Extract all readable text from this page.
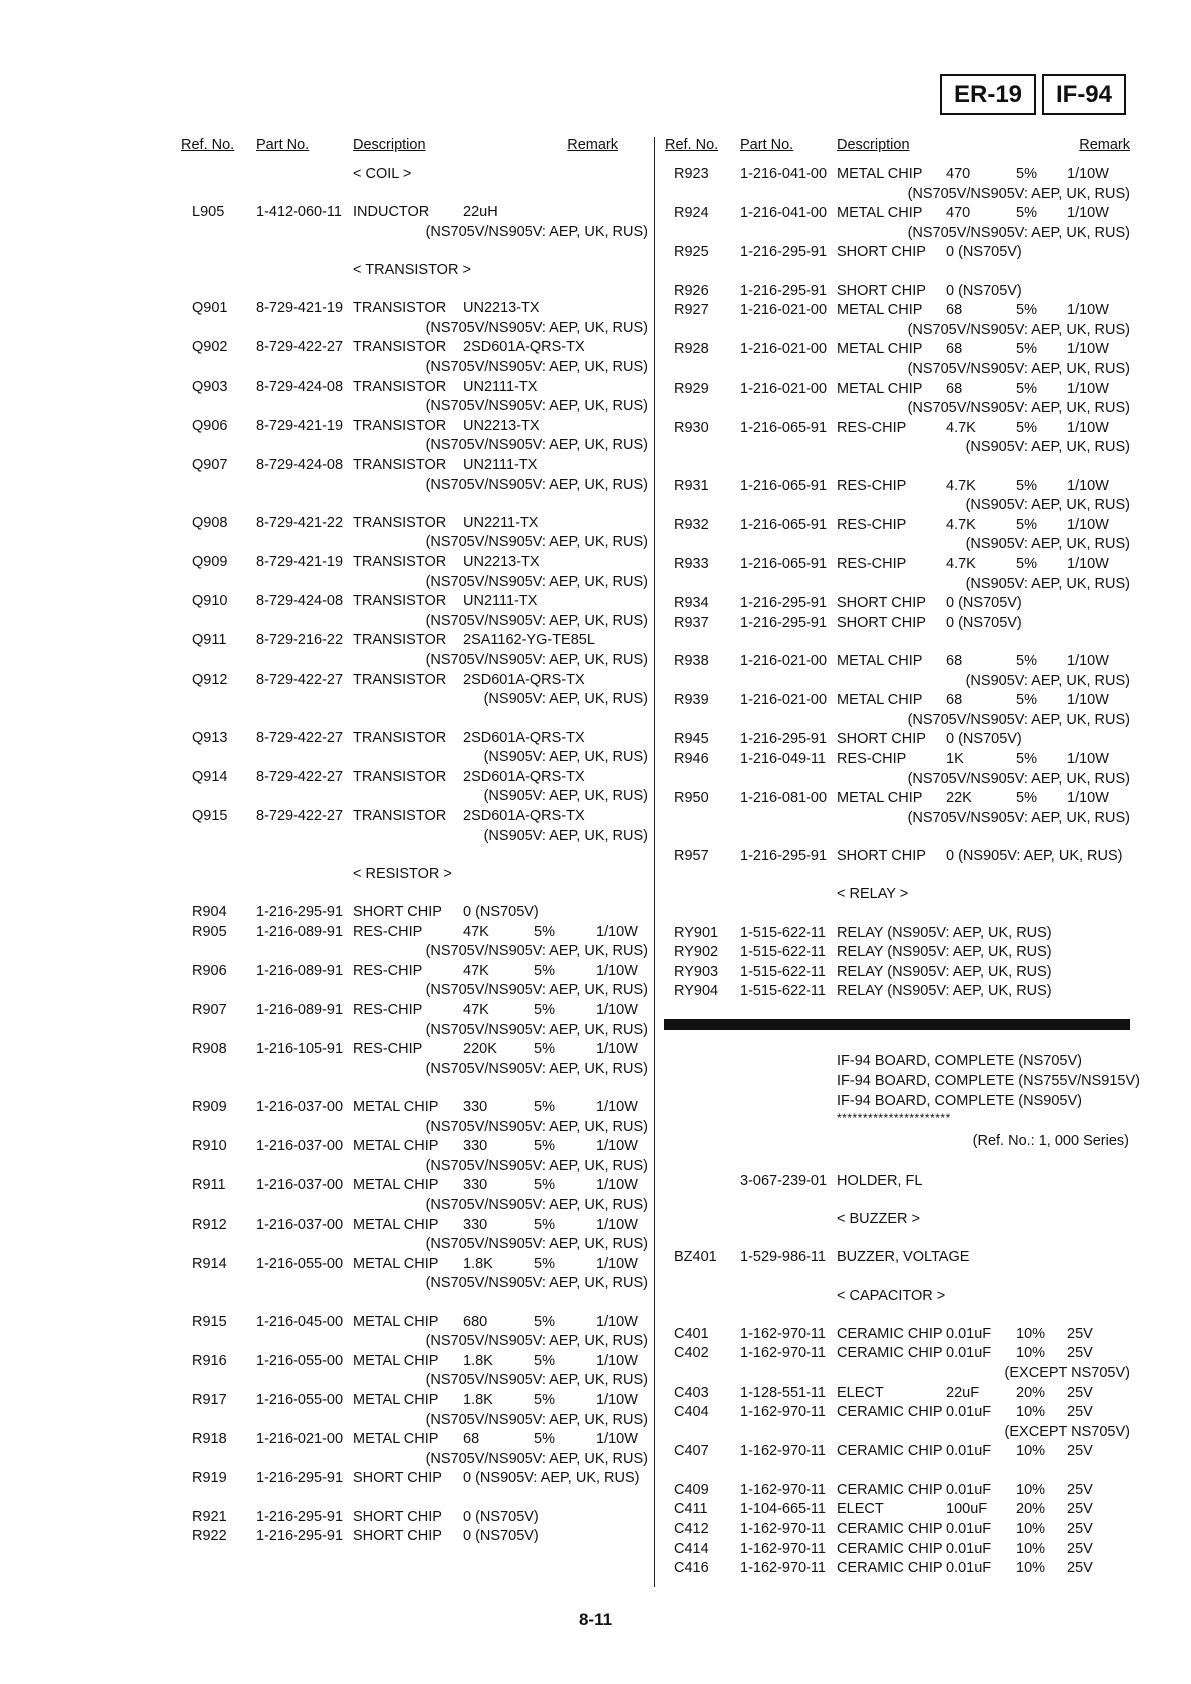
ER-19	IF-94
Ref. No. Part No.	Description	Remark
< COIL >
L905 1-412-060-11 INDUCTOR 22uH
(NS705V/NS905V: AEP, UK, RUS)
< TRANSISTOR >
Q901 8-729-421-19 TRANSISTOR UN2213-TX
(NS705V/NS905V: AEP, UK, RUS)
Q902 8-729-422-27 TRANSISTOR 2SD601A-QRS-TX
(NS705V/NS905V: AEP, UK, RUS)
Q903 8-729-424-08 TRANSISTOR UN2111-TX
(NS705V/NS905V: AEP, UK, RUS)
Q906 8-729-421-19 TRANSISTOR UN2213-TX
(NS705V/NS905V: AEP, UK, RUS)
Q907 8-729-424-08 TRANSISTOR UN2111-TX
(NS705V/NS905V: AEP, UK, RUS)
Q908 8-729-421-22 TRANSISTOR UN2211-TX
(NS705V/NS905V: AEP, UK, RUS)
Q909 8-729-421-19 TRANSISTOR UN2213-TX
(NS705V/NS905V: AEP, UK, RUS)
Q910 8-729-424-08 TRANSISTOR UN2111-TX
(NS705V/NS905V: AEP, UK, RUS)
Q911 8-729-216-22 TRANSISTOR 2SA1162-YG-TE85L
(NS705V/NS905V: AEP, UK, RUS)
Q912 8-729-422-27 TRANSISTOR 2SD601A-QRS-TX
(NS905V: AEP, UK, RUS)
Q913 8-729-422-27 TRANSISTOR 2SD601A-QRS-TX
(NS905V: AEP, UK, RUS)
Q914 8-729-422-27 TRANSISTOR 2SD601A-QRS-TX
(NS905V: AEP, UK, RUS)
Q915 8-729-422-27 TRANSISTOR 2SD601A-QRS-TX
(NS905V: AEP, UK, RUS)
< RESISTOR >
R904 1-216-295-91 SHORT CHIP 0 (NS705V)
R905 1-216-089-91 RES-CHIP	47K	5%	1/10W
(NS705V/NS905V: AEP, UK, RUS)
R906 1-216-089-91 RES-CHIP	47K	5%	1/10W
(NS705V/NS905V: AEP, UK, RUS)
R907 1-216-089-91 RES-CHIP	47K	5%	1/10W
(NS705V/NS905V: AEP, UK, RUS)
R908 1-216-105-91 RES-CHIP	220K	5%	1/10W
(NS705V/NS905V: AEP, UK, RUS)
R909 1-216-037-00 METAL CHIP 330	5%	1/10W
(NS705V/NS905V: AEP, UK, RUS)
R910 1-216-037-00 METAL CHIP 330	5%	1/10W
(NS705V/NS905V: AEP, UK, RUS)
R911 1-216-037-00 METAL CHIP 330	5%	1/10W
(NS705V/NS905V: AEP, UK, RUS)
R912 1-216-037-00 METAL CHIP 330	5%	1/10W
(NS705V/NS905V: AEP, UK, RUS)
R914 1-216-055-00 METAL CHIP 1.8K	5%	1/10W
(NS705V/NS905V: AEP, UK, RUS)
R915 1-216-045-00 METAL CHIP 680	5%	1/10W
(NS705V/NS905V: AEP, UK, RUS)
R916 1-216-055-00 METAL CHIP 1.8K	5%	1/10W
(NS705V/NS905V: AEP, UK, RUS)
R917 1-216-055-00 METAL CHIP 1.8K	5%	1/10W
(NS705V/NS905V: AEP, UK, RUS)
R918 1-216-021-00 METAL CHIP 68	5%	1/10W
(NS705V/NS905V: AEP, UK, RUS)
R919 1-216-295-91 SHORT CHIP 0 (NS905V: AEP, UK, RUS)
R921 1-216-295-91 SHORT CHIP 0 (NS705V)
R922 1-216-295-91 SHORT CHIP 0 (NS705V)
Ref. No. Part No.	Description	Remark
R923 1-216-041-00 METAL CHIP 470	5% 1/10W
(NS705V/NS905V: AEP, UK, RUS)
R924 1-216-041-00 METAL CHIP 470	5% 1/10W
(NS705V/NS905V: AEP, UK, RUS)
R925 1-216-295-91 SHORT CHIP 0 (NS705V)
R926 1-216-295-91 SHORT CHIP 0 (NS705V)
R927 1-216-021-00 METAL CHIP 68	5% 1/10W
(NS705V/NS905V: AEP, UK, RUS)
R928 1-216-021-00 METAL CHIP 68	5% 1/10W
(NS705V/NS905V: AEP, UK, RUS)
R929 1-216-021-00 METAL CHIP 68	5% 1/10W
(NS705V/NS905V: AEP, UK, RUS)
R930 1-216-065-91 RES-CHIP	4.7K	5% 1/10W
(NS905V: AEP, UK, RUS)
R931 1-216-065-91 RES-CHIP	4.7K	5% 1/10W
(NS905V: AEP, UK, RUS)
R932 1-216-065-91 RES-CHIP	4.7K	5% 1/10W
(NS905V: AEP, UK, RUS)
R933 1-216-065-91 RES-CHIP	4.7K	5% 1/10W
(NS905V: AEP, UK, RUS)
R934 1-216-295-91 SHORT CHIP 0 (NS705V)
R937 1-216-295-91 SHORT CHIP 0 (NS705V)
R938 1-216-021-00 METAL CHIP 68	5% 1/10W
(NS905V: AEP, UK, RUS)
R939 1-216-021-00 METAL CHIP 68	5% 1/10W
(NS705V/NS905V: AEP, UK, RUS)
R945 1-216-295-91 SHORT CHIP 0 (NS705V)
R946 1-216-049-11 RES-CHIP	1K	5% 1/10W
(NS705V/NS905V: AEP, UK, RUS)
R950 1-216-081-00 METAL CHIP 22K	5% 1/10W
(NS705V/NS905V: AEP, UK, RUS)
R957 1-216-295-91 SHORT CHIP 0 (NS905V: AEP, UK, RUS)
< RELAY >
RY901 1-515-622-11 RELAY (NS905V: AEP, UK, RUS)
RY902 1-515-622-11 RELAY (NS905V: AEP, UK, RUS)
RY903 1-515-622-11 RELAY (NS905V: AEP, UK, RUS)
RY904 1-515-622-11 RELAY (NS905V: AEP, UK, RUS)
IF-94 BOARD, COMPLETE (NS705V)
IF-94 BOARD, COMPLETE (NS755V/NS915V)
IF-94 BOARD, COMPLETE (NS905V)
**********************
(Ref. No.: 1, 000 Series)
3-067-239-01 HOLDER, FL
< BUZZER >
BZ401 1-529-986-11 BUZZER, VOLTAGE
< CAPACITOR >
C401 1-162-970-11 CERAMIC CHIP 0.01uF 10% 25V
C402 1-162-970-11 CERAMIC CHIP 0.01uF 10% 25V
(EXCEPT NS705V)
C403 1-128-551-11 ELECT	22uF	20% 25V
C404 1-162-970-11 CERAMIC CHIP 0.01uF 10% 25V
(EXCEPT NS705V)
C407 1-162-970-11 CERAMIC CHIP 0.01uF 10% 25V
C409 1-162-970-11 CERAMIC CHIP 0.01uF 10% 25V
C411 1-104-665-11 ELECT	100uF 20% 25V
C412 1-162-970-11 CERAMIC CHIP 0.01uF 10% 25V
C414 1-162-970-11 CERAMIC CHIP 0.01uF 10% 25V
C416 1-162-970-11 CERAMIC CHIP 0.01uF 10% 25V
8-11
